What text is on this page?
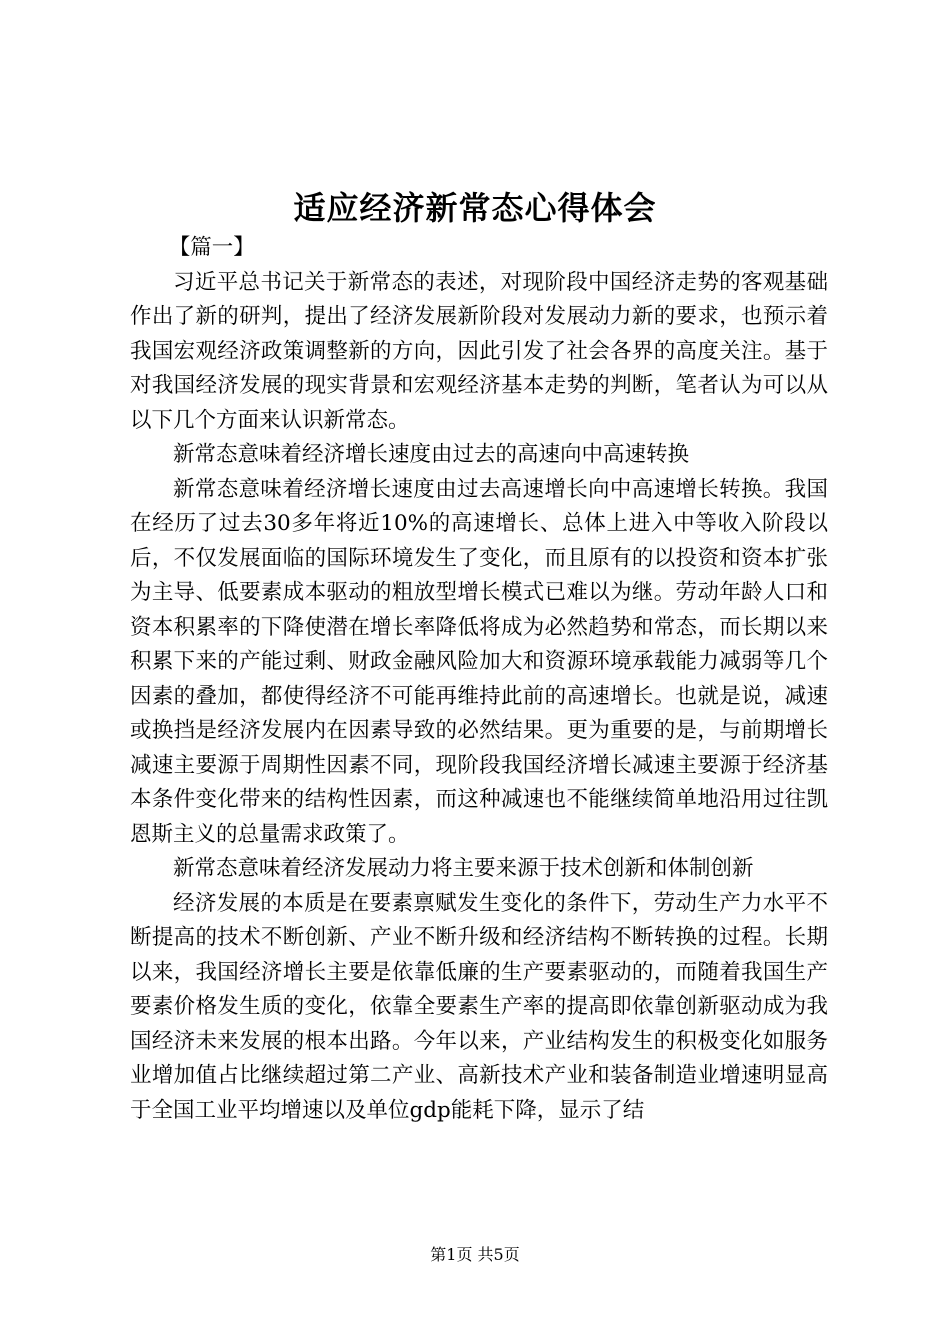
适应经济新常态心得体会

【篇一】

习近平总书记关于新常态的表述，对现阶段中国经济走势的客观基础作出了新的研判，提出了经济发展新阶段对发展动力新的要求，也预示着我国宏观经济政策调整新的方向，因此引发了社会各界的高度关注。基于对我国经济发展的现实背景和宏观经济基本走势的判断，笔者认为可以从以下几个方面来认识新常态。

新常态意味着经济增长速度由过去的高速向中高速转换

新常态意味着经济增长速度由过去高速增长向中高速增长转换。我国在经历了过去30多年将近10%的高速增长、总体上进入中等收入阶段以后，不仅发展面临的国际环境发生了变化，而且原有的以投资和资本扩张为主导、低要素成本驱动的粗放型增长模式已难以为继。劳动年龄人口和资本积累率的下降使潜在增长率降低将成为必然趋势和常态，而长期以来积累下来的产能过剩、财政金融风险加大和资源环境承载能力减弱等几个因素的叠加，都使得经济不可能再维持此前的高速增长。也就是说，减速或换挡是经济发展内在因素导致的必然结果。更为重要的是，与前期增长减速主要源于周期性因素不同，现阶段我国经济增长减速主要源于经济基本条件变化带来的结构性因素，而这种减速也不能继续简单地沿用过往凯恩斯主义的总量需求政策了。

新常态意味着经济发展动力将主要来源于技术创新和体制创新

经济发展的本质是在要素禀赋发生变化的条件下，劳动生产力水平不断提高的技术不断创新、产业不断升级和经济结构不断转换的过程。长期以来，我国经济增长主要是依靠低廉的生产要素驱动的，而随着我国生产要素价格发生质的变化，依靠全要素生产率的提高即依靠创新驱动成为我国经济未来发展的根本出路。今年以来，产业结构发生的积极变化如服务业增加值占比继续超过第二产业、高新技术产业和装备制造业增速明显高于全国工业平均增速以及单位gdp能耗下降，显示了结

第1页 共5页
